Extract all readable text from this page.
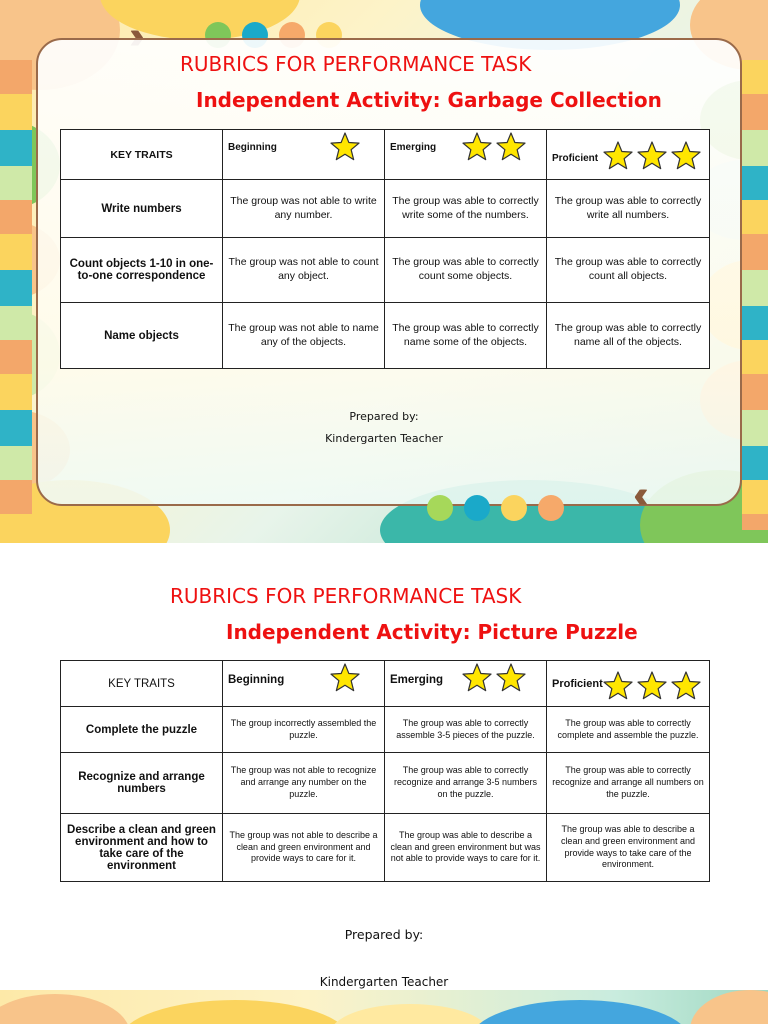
RUBRICS FOR PERFORMANCE TASK
Independent Activity: Garbage Collection
KEY TRAITS	Beginning	Emerging	Proficient

Write numbers	The group was not able to write any number.	The group was able to correctly write some of the numbers.	The group was able to correctly write all numbers.
Count objects 1-10 in one-to-one correspondence	The group was not able to count any object.	The group was able to correctly count some objects.	The group was able to correctly count all objects.
Name objects	The group was not able to name any of the objects.	The group was able to correctly name some of the objects.	The group was able to correctly name all of the objects.
Prepared by:
Kindergarten Teacher
RUBRICS FOR PERFORMANCE TASK
Independent Activity: Picture Puzzle
KEY TRAITS	Beginning	Emerging	Proficient

Complete the puzzle	The group incorrectly assembled the puzzle.	The group was able to correctly assemble 3-5 pieces of the puzzle.	The group was able to correctly complete and assemble the puzzle.
Recognize and arrange numbers	The group was not able to recognize and arrange any number on the puzzle.	The group was able to correctly recognize and arrange 3-5 numbers on the puzzle.	The group was able to correctly recognize and arrange all numbers on the puzzle.
Describe a clean and green environment and how to take care of the environment	The group was not able to describe a clean and green environment and provide ways to care for it.	The group was able to describe a clean and green environment but was not able to provide ways to care for it.	The group was able to describe a clean and green environment and provide ways to take care of the environment.
Prepared by:
Kindergarten Teacher
